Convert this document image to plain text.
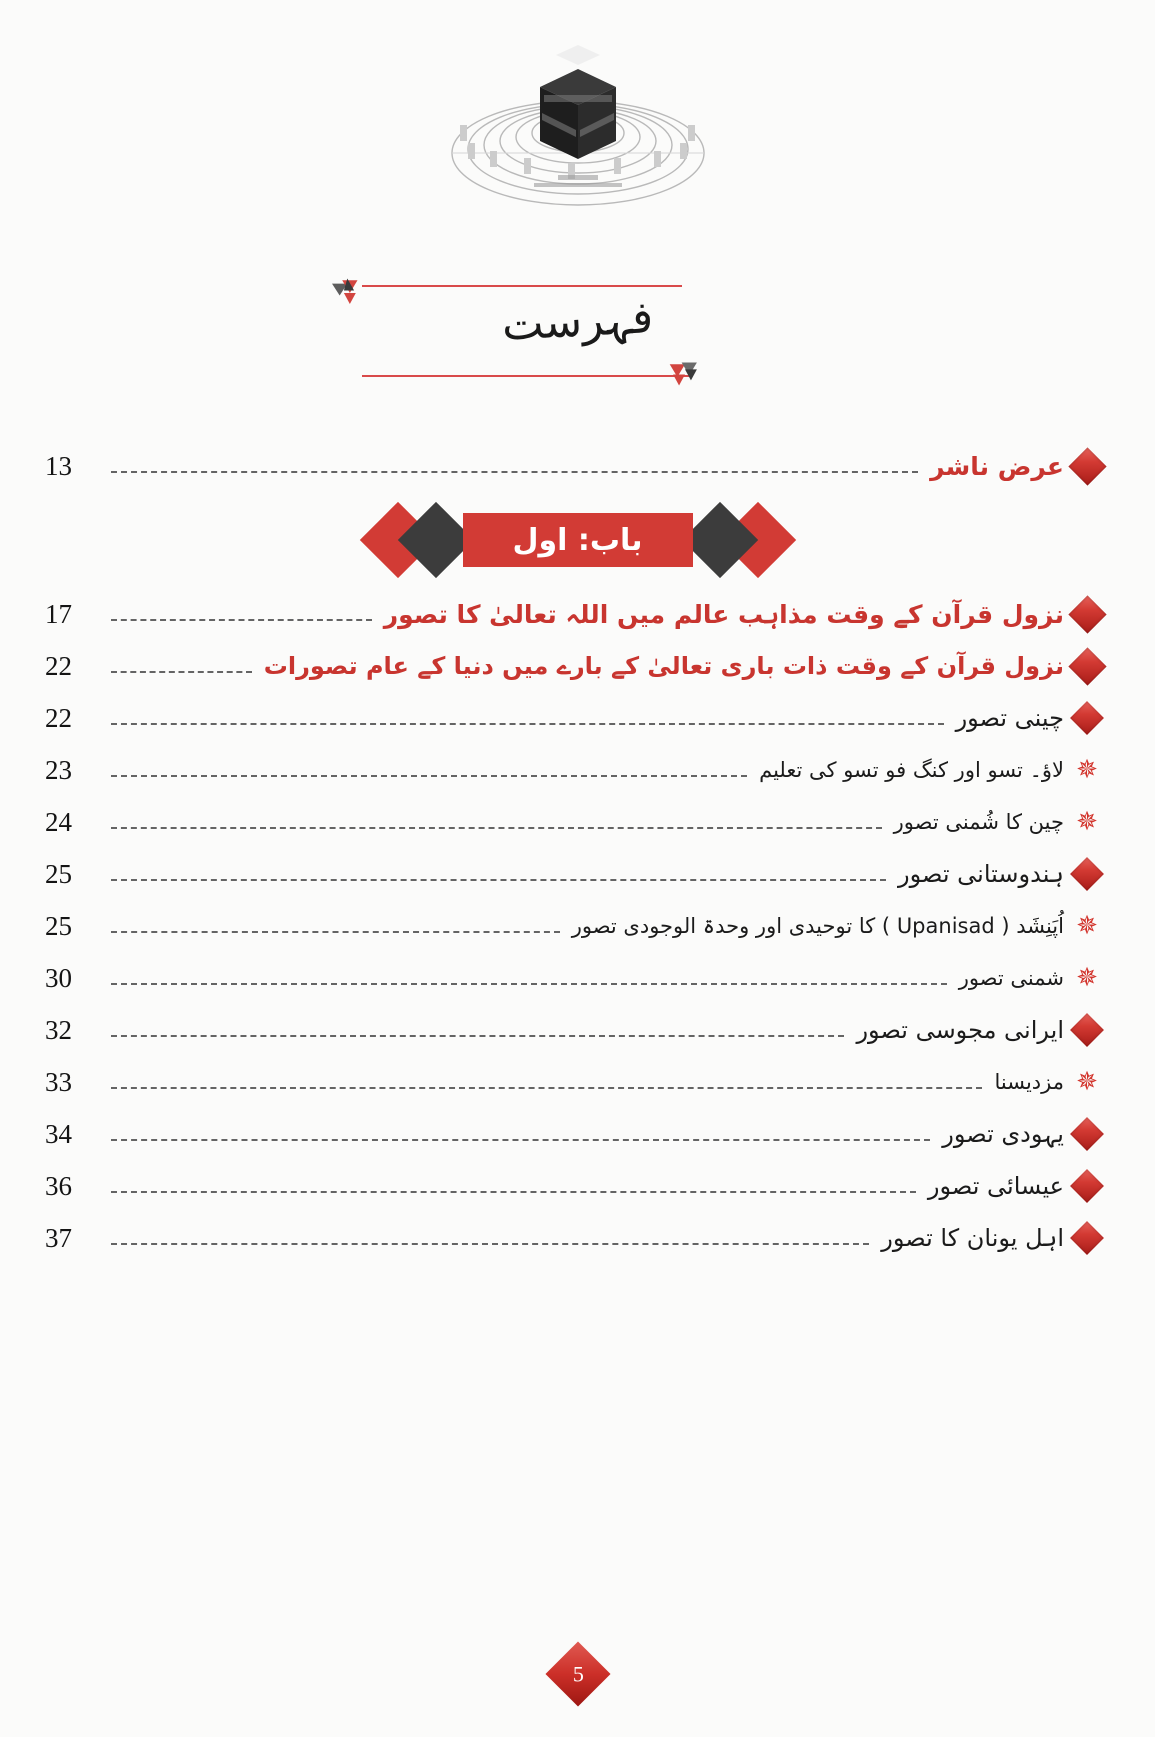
فہرست
عرض ناشر
13
باب: اول
نزول قرآن کے وقت مذاہب عالم میں اللہ تعالیٰ کا تصور
17
نزول قرآن کے وقت ذات باری تعالیٰ کے بارے میں دنیا کے عام تصورات
22
چینی تصور
22
✵
لاؤ۔ تسو اور کنگ فو تسو کی تعلیم
23
✵
چین کا شُمنی تصور
24
ہندوستانی تصور
25
✵
اُپَنِشَد ( Upanisad ) کا توحیدی اور وحدۃ الوجودی تصور
25
✵
شمنی تصور
30
ایرانی مجوسی تصور
32
✵
مزدیسنا
33
یہودی تصور
34
عیسائی تصور
36
اہل یونان کا تصور
37
5
